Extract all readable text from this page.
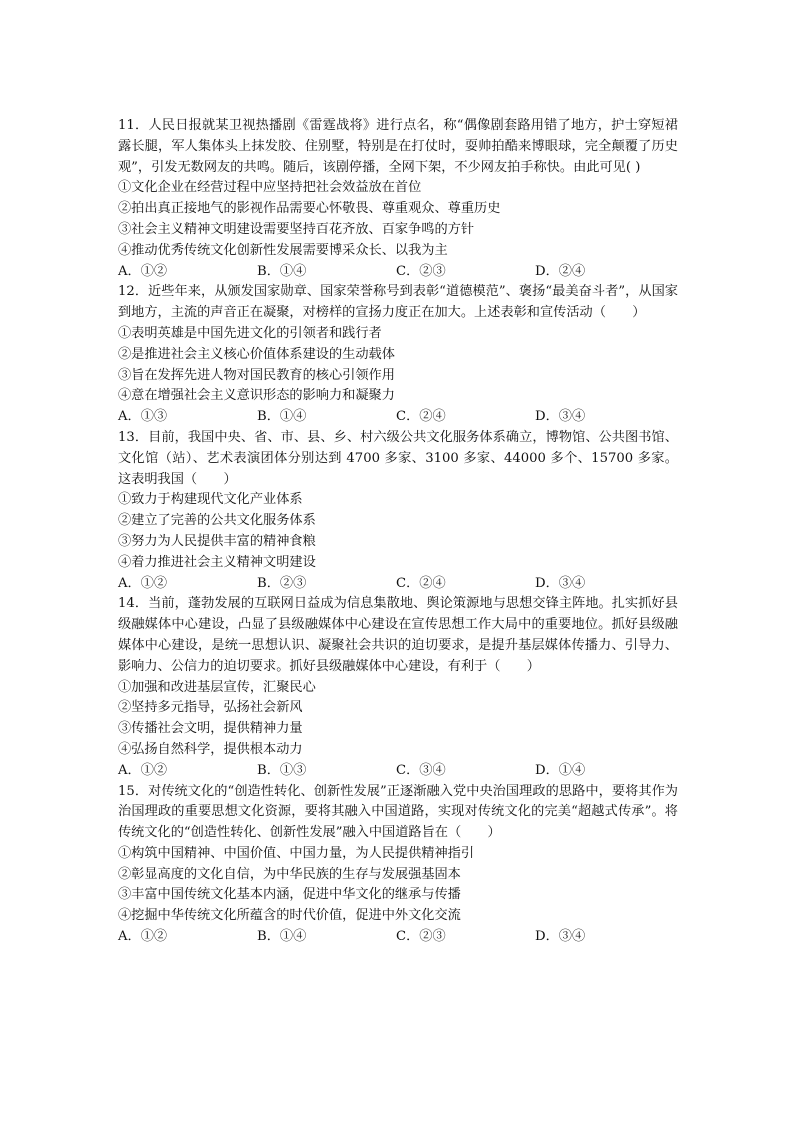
11．人民日报就某卫视热播剧《雷霆战将》进行点名，称“偶像剧套路用错了地方，护士穿短裙露长腿，军人集体头上抹发胶、住别墅，特别是在打仗时，耍帅拍酷来博眼球，完全颠覆了历史观”，引发无数网友的共鸣。随后，该剧停播，全网下架，不少网友拍手称快。由此可见( )

①文化企业在经营过程中应坚持把社会效益放在首位

②拍出真正接地气的影视作品需要心怀敬畏、尊重观众、尊重历史

③社会主义精神文明建设需要坚持百花齐放、百家争鸣的方针

④推动优秀传统文化创新性发展需要博采众长、以我为主

A．①②	B．①④	C．②③	D．②④

12．近些年来，从颁发国家勋章、国家荣誉称号到表彰“道德模范”、褒扬“最美奋斗者”，从国家到地方，主流的声音正在凝聚，对榜样的宣扬力度正在加大。上述表彰和宣传活动（　　）

①表明英雄是中国先进文化的引领者和践行者

②是推进社会主义核心价值体系建设的生动载体

③旨在发挥先进人物对国民教育的核心引领作用

④意在增强社会主义意识形态的影响力和凝聚力

A．①③	B．①④	C．②④	D．③④

13．目前，我国中央、省、市、县、乡、村六级公共文化服务体系确立，博物馆、公共图书馆、文化馆（站）、艺术表演团体分别达到 4700 多家、3100 多家、44000 多个、15700 多家。这表明我国（　　）

①致力于构建现代文化产业体系

②建立了完善的公共文化服务体系

③努力为人民提供丰富的精神食粮

④着力推进社会主义精神文明建设

A．①②	B．②③	C．②④	D．③④

14．当前，蓬勃发展的互联网日益成为信息集散地、舆论策源地与思想交锋主阵地。扎实抓好县级融媒体中心建设，凸显了县级融媒体中心建设在宣传思想工作大局中的重要地位。抓好县级融媒体中心建设，是统一思想认识、凝聚社会共识的迫切要求，是提升基层媒体传播力、引导力、影响力、公信力的迫切要求。抓好县级融媒体中心建设，有利于（　　）

①加强和改进基层宣传，汇聚民心

②坚持多元指导，弘扬社会新风

③传播社会文明，提供精神力量

④弘扬自然科学，提供根本动力

A．①②	B．①③	C．③④	D．①④

15．对传统文化的“创造性转化、创新性发展”正逐渐融入党中央治国理政的思路中，要将其作为治国理政的重要思想文化资源，要将其融入中国道路，实现对传统文化的完美“超越式传承”。将传统文化的“创造性转化、创新性发展”融入中国道路旨在（　　）

①构筑中国精神、中国价值、中国力量，为人民提供精神指引

②彰显高度的文化自信，为中华民族的生存与发展强基固本

③丰富中国传统文化基本内涵，促进中华文化的继承与传播

④挖掘中华传统文化所蕴含的时代价值，促进中外文化交流

A．①②	B．①④	C．②③	D．③④
